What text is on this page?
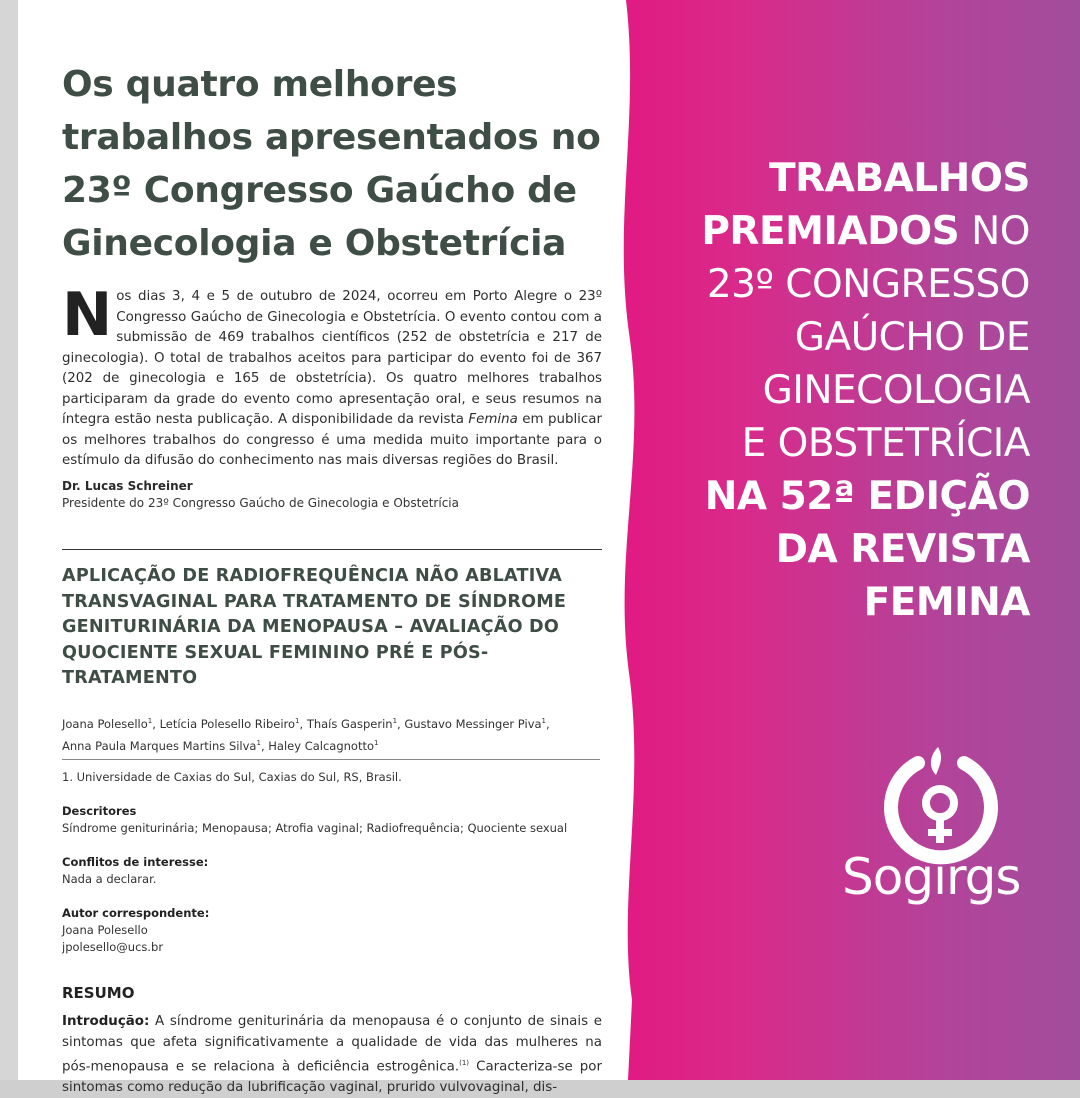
Os quatro melhores trabalhos apresentados no 23º Congresso Gaúcho de Ginecologia e Obstetrícia

Nos dias 3, 4 e 5 de outubro de 2024, ocorreu em Porto Alegre o 23º Congresso Gaúcho de Ginecologia e Obstetrícia. O evento contou com a submissão de 469 trabalhos científicos (252 de obstetrícia e 217 de ginecologia). O total de trabalhos aceitos para participar do evento foi de 367 (202 de ginecologia e 165 de obstetrícia). Os quatro melhores trabalhos participaram da grade do evento como apresentação oral, e seus resumos na íntegra estão nesta publicação. A disponibilidade da revista Femina em publicar os melhores trabalhos do congresso é uma medida muito importante para o estímulo da difusão do conhecimento nas mais diversas regiões do Brasil.

Dr. Lucas Schreiner
Presidente do 23º Congresso Gaúcho de Ginecologia e Obstetrícia
APLICAÇÃO DE RADIOFREQUÊNCIA NÃO ABLATIVA TRANSVAGINAL PARA TRATAMENTO DE SÍNDROME GENITURINÁRIA DA MENOPAUSA – AVALIAÇÃO DO QUOCIENTE SEXUAL FEMININO PRÉ E PÓS-TRATAMENTO
Joana Polesello$^1$, Letícia Polesello Ribeiro$^1$, Thaís Gasperin$^1$, Gustavo Messinger Piva$^1$,
Anna Paula Marques Martins Silva$^1$, Haley Calcagnotto$^1$
1. Universidade de Caxias do Sul, Caxias do Sul, RS, Brasil.
Descritores
Síndrome geniturinária; Menopausa; Atrofia vaginal; Radiofrequência; Quociente sexual
Conflitos de interesse:
Nada a declarar.
Autor correspondente:
Joana Polesello
jpolesello@ucs.br
RESUMO

Introdução: A síndrome geniturinária da menopausa é o conjunto de sinais e sintomas que afeta significativamente a qualidade de vida das mulheres na pós-menopausa e se relaciona à deficiência estrogênica.$^{(1)}$ Caracteriza-se por sintomas como redução da lubrificação vaginal, prurido vulvovaginal, dis-

TRABALHOS
PREMIADOS NO
23º CONGRESSO
GAÚCHO DE
GINECOLOGIA
E OBSTETRÍCIA
NA 52ª EDIÇÃO
DA REVISTA
FEMINA
Sogirgs
